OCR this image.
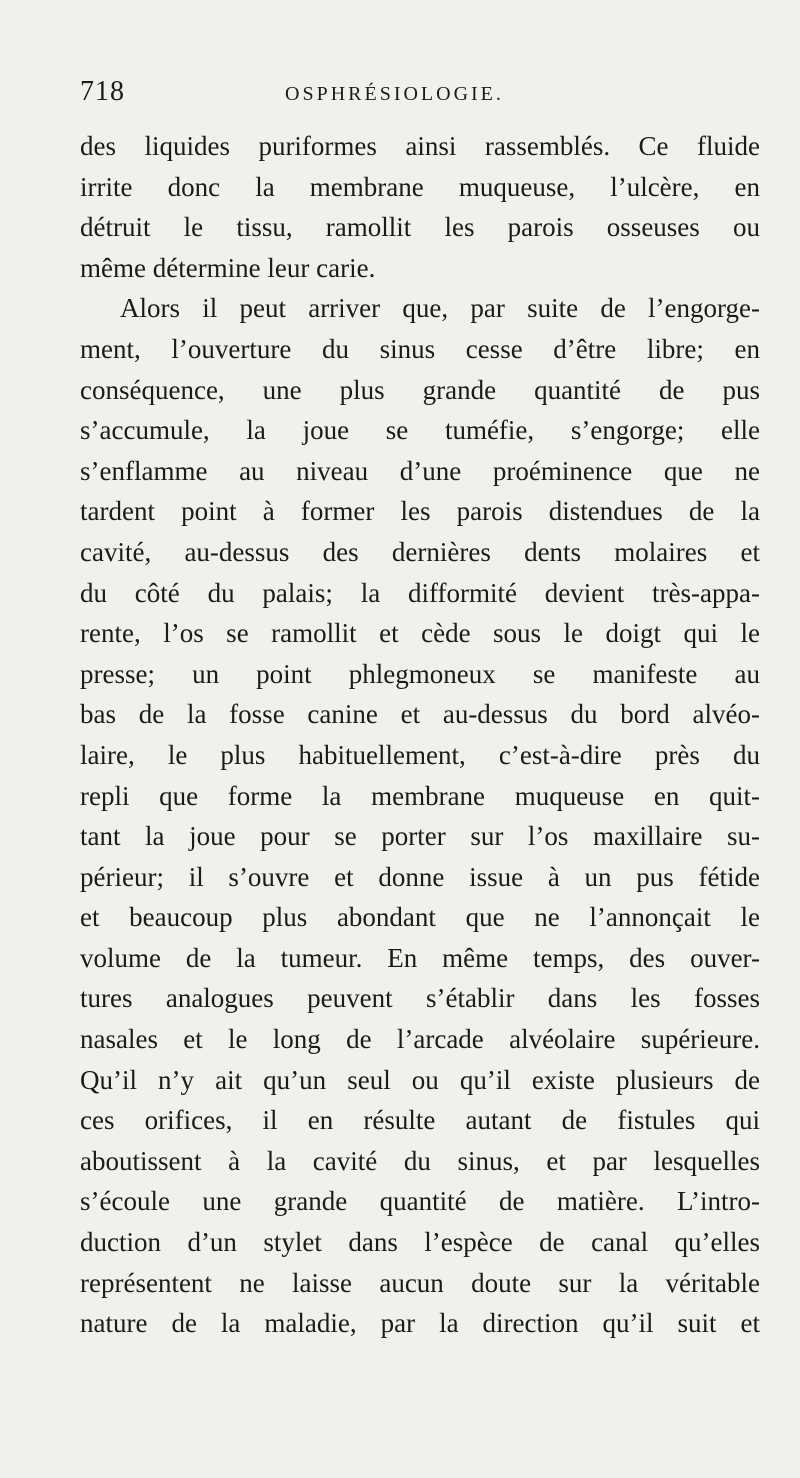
718	OSPHRÉSIOLOGIE.
des liquides puriformes ainsi rassemblés. Ce fluide
irrite donc la membrane muqueuse, l’ulcère, en
détruit le tissu, ramollit les parois osseuses ou
même détermine leur carie.
Alors il peut arriver que, par suite de l’engorge-
ment, l’ouverture du sinus cesse d’être libre; en
conséquence, une plus grande quantité de pus
s’accumule, la joue se tuméfie, s’engorge; elle
s’enflamme au niveau d’une proéminence que ne
tardent point à former les parois distendues de la
cavité, au-dessus des dernières dents molaires et
du côté du palais; la difformité devient très-appa-
rente, l’os se ramollit et cède sous le doigt qui le
presse; un point phlegmoneux se manifeste au
bas de la fosse canine et au-dessus du bord alvéo-
laire, le plus habituellement, c’est-à-dire près du
repli que forme la membrane muqueuse en quit-
tant la joue pour se porter sur l’os maxillaire su-
périeur; il s’ouvre et donne issue à un pus fétide
et beaucoup plus abondant que ne l’annonçait le
volume de la tumeur. En même temps, des ouver-
tures analogues peuvent s’établir dans les fosses
nasales et le long de l’arcade alvéolaire supérieure.
Qu’il n’y ait qu’un seul ou qu’il existe plusieurs de
ces orifices, il en résulte autant de fistules qui
aboutissent à la cavité du sinus, et par lesquelles
s’écoule une grande quantité de matière. L’intro-
duction d’un stylet dans l’espèce de canal qu’elles
représentent ne laisse aucun doute sur la véritable
nature de la maladie, par la direction qu’il suit et
